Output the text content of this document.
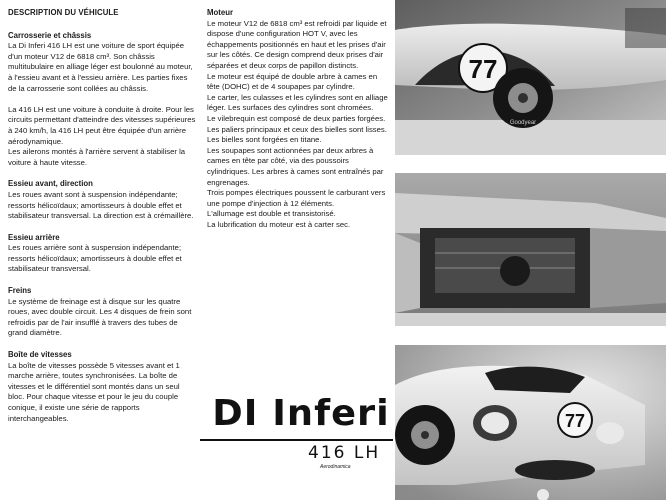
DESCRIPTION DU VÉHICULE
Carrosserie et châssis

La Di Inferi 416 LH est une voiture de sport équipée d'un moteur V12 de 6818 cm³. Son châssis multitubulaire en alliage léger est boulonné au moteur, à l'essieu avant et à l'essieu arrière. Les parties fixes de la carrosserie sont collées au châssis.

La 416 LH est une voiture à conduite à droite. Pour les circuits permettant d'atteindre des vitesses supérieures à 240 km/h, la 416 LH peut être équipée d'un arrière aérodynamique.

Les ailerons montés à l'arrière servent à stabiliser la voiture à haute vitesse.

Essieu avant, direction

Les roues avant sont à suspension indépendante; ressorts hélicoïdaux; amortisseurs à double effet et stabilisateur transversal. La direction est à crémaillère.

Essieu arrière

Les roues arrière sont à suspension indépendante; ressorts hélicoïdaux; amortisseurs à double effet et stabilisateur transversal.

Freins

Le système de freinage est à disque sur les quatre roues, avec double circuit. Les 4 disques de frein sont refroidis par de l'air insufflé à travers des tubes de grand diamètre.

Boîte de vitesses

La boîte de vitesses possède 5 vitesses avant et 1 marche arrière, toutes synchronisées. La boîte de vitesses et le différentiel sont montés dans un seul bloc. Pour chaque vitesse et pour le jeu du couple conique, il existe une série de rapports interchangeables.

Moteur

Le moteur V12 de 6818 cm³ est refroidi par liquide et dispose d'une configuration HOT V, avec les échappements positionnés en haut et les prises d'air sur les côtés. Ce design comprend deux prises d'air séparées et deux corps de papillon distincts.

Le moteur est équipé de double arbre à cames en tête (DOHC) et de 4 soupapes par cylindre.

Le carter, les culasses et les cylindres sont en alliage léger. Les surfaces des cylindres sont chromées.

Le vilebrequin est composé de deux parties forgées. Les paliers principaux et ceux des bielles sont lisses. Les bielles sont forgées en titane.

Les soupapes sont actionnées par deux arbres à cames en tête par côté, via des poussoirs cylindriques. Les arbres à cames sont entraînés par engrenages.

Trois pompes électriques poussent le carburant vers une pompe d'injection à 12 éléments.

L'allumage est double et transistorisé.

La lubrification du moteur est à carter sec.

DI Inferi
416 LH
Aerodinamica
77
Goodyear
77
